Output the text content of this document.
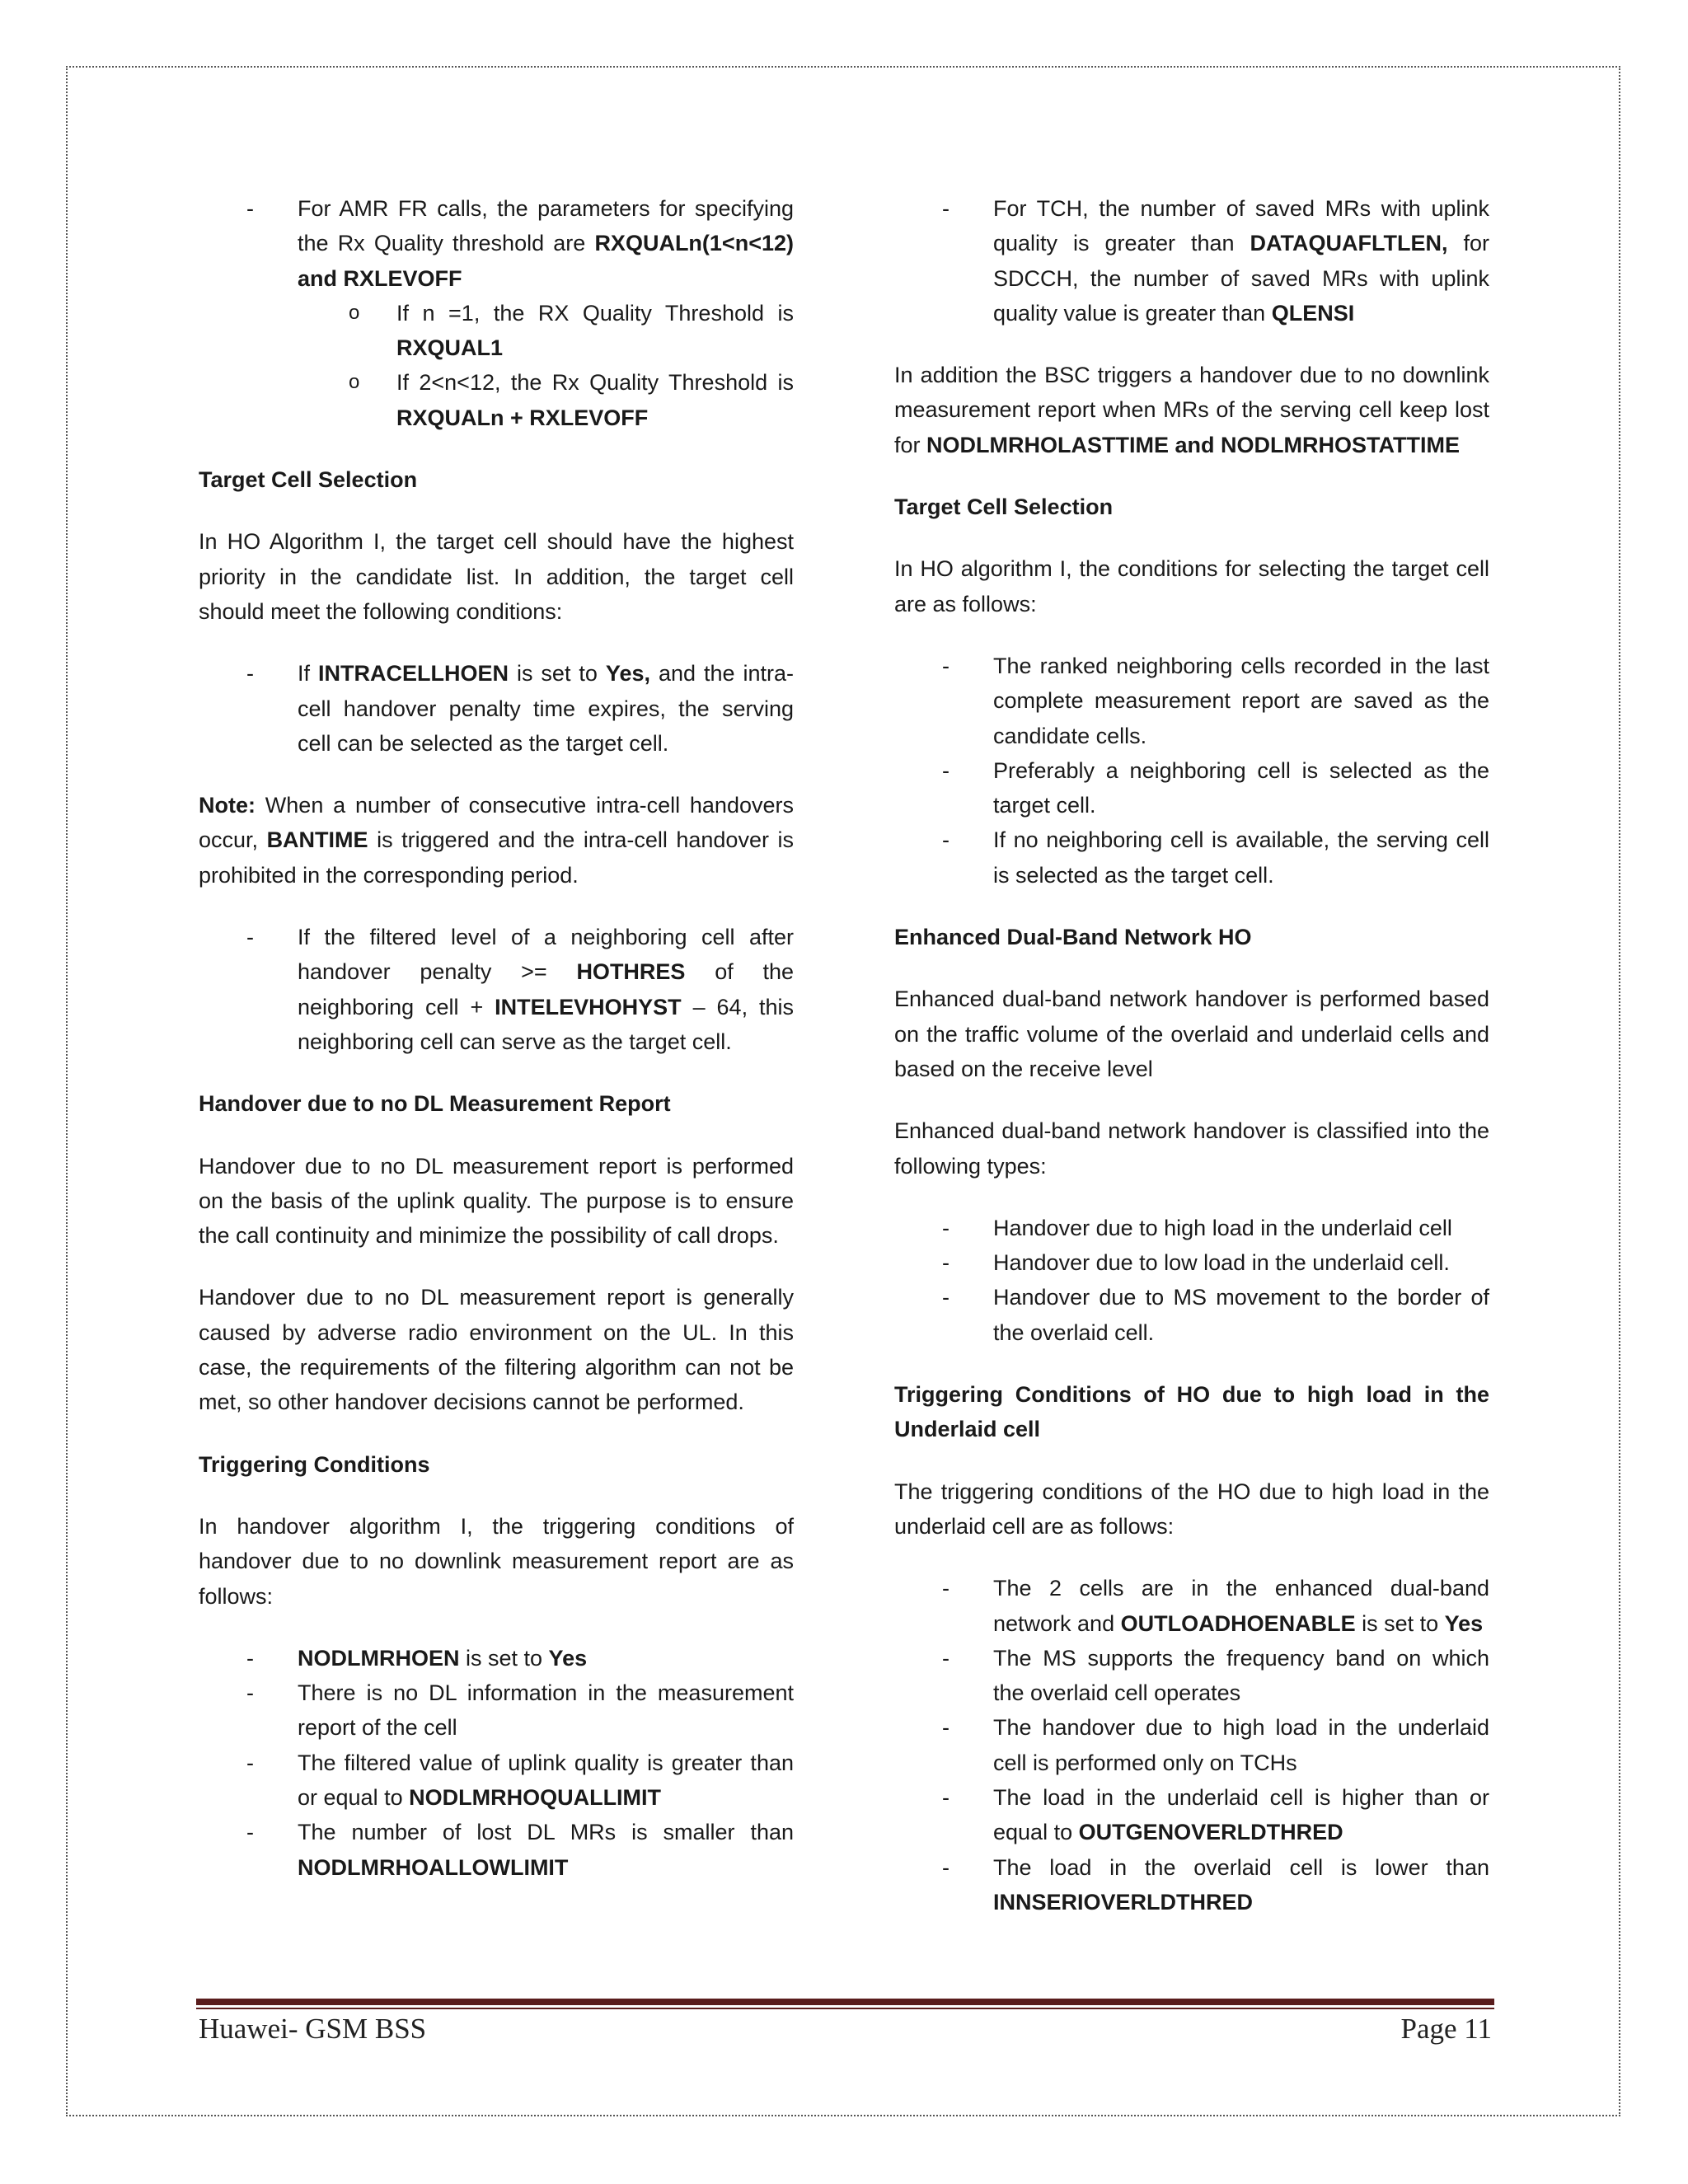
- For AMR FR calls, the parameters for specifying the Rx Quality threshold are RXQUALn(1<n<12) and RXLEVOFF
o If n =1, the RX Quality Threshold is RXQUAL1
o If 2<n<12, the Rx Quality Threshold is RXQUALn + RXLEVOFF
Target Cell Selection

In HO Algorithm I, the target cell should have the highest priority in the candidate list. In addition, the target cell should meet the following conditions:

- If INTRACELLHOEN is set to Yes, and the intra-cell handover penalty time expires, the serving cell can be selected as the target cell.

Note: When a number of consecutive intra-cell handovers occur, BANTIME is triggered and the intra-cell handover is prohibited in the corresponding period.

- If the filtered level of a neighboring cell after handover penalty >= HOTHRES of the neighboring cell + INTELEVHOHYST – 64, this neighboring cell can serve as the target cell.
Handover due to no DL Measurement Report

Handover due to no DL measurement report is performed on the basis of the uplink quality. The purpose is to ensure the call continuity and minimize the possibility of call drops.

Handover due to no DL measurement report is generally caused by adverse radio environment on the UL. In this case, the requirements of the filtering algorithm can not be met, so other handover decisions cannot be performed.

Triggering Conditions

In handover algorithm I, the triggering conditions of handover due to no downlink measurement report are as follows:

- NODLMRHOEN is set to Yes
- There is no DL information in the measurement report of the cell
- The filtered value of uplink quality is greater than or equal to NODLMRHOQUALLIMIT
- The number of lost DL MRs is smaller than NODLMRHOALLOWLIMIT
- For TCH, the number of saved MRs with uplink quality is greater than DATAQUAFLTLEN, for SDCCH, the number of saved MRs with uplink quality value is greater than QLENSI

In addition the BSC triggers a handover due to no downlink measurement report when MRs of the serving cell keep lost for NODLMRHOLASTTIME and NODLMRHOSTATTIME

Target Cell Selection

In HO algorithm I, the conditions for selecting the target cell are as follows:

- The ranked neighboring cells recorded in the last complete measurement report are saved as the candidate cells.
- Preferably a neighboring cell is selected as the target cell.
- If no neighboring cell is available, the serving cell is selected as the target cell.
Enhanced Dual-Band Network HO

Enhanced dual-band network handover is performed based on the traffic volume of the overlaid and underlaid cells and based on the receive level

Enhanced dual-band network handover is classified into the following types:

- Handover due to high load in the underlaid cell
- Handover due to low load in the underlaid cell.
- Handover due to MS movement to the border of the overlaid cell.
Triggering Conditions of HO due to high load in the Underlaid cell

The triggering conditions of the HO due to high load in the underlaid cell are as follows:

- The 2 cells are in the enhanced dual-band network and OUTLOADHOENABLE is set to Yes
- The MS supports the frequency band on which the overlaid cell operates
- The handover due to high load in the underlaid cell is performed only on TCHs
- The load in the underlaid cell is higher than or equal to OUTGENOVERLDTHRED
- The load in the overlaid cell is lower than INNSERIOVERLDTHRED
Huawei- GSM BSS	Page 11
